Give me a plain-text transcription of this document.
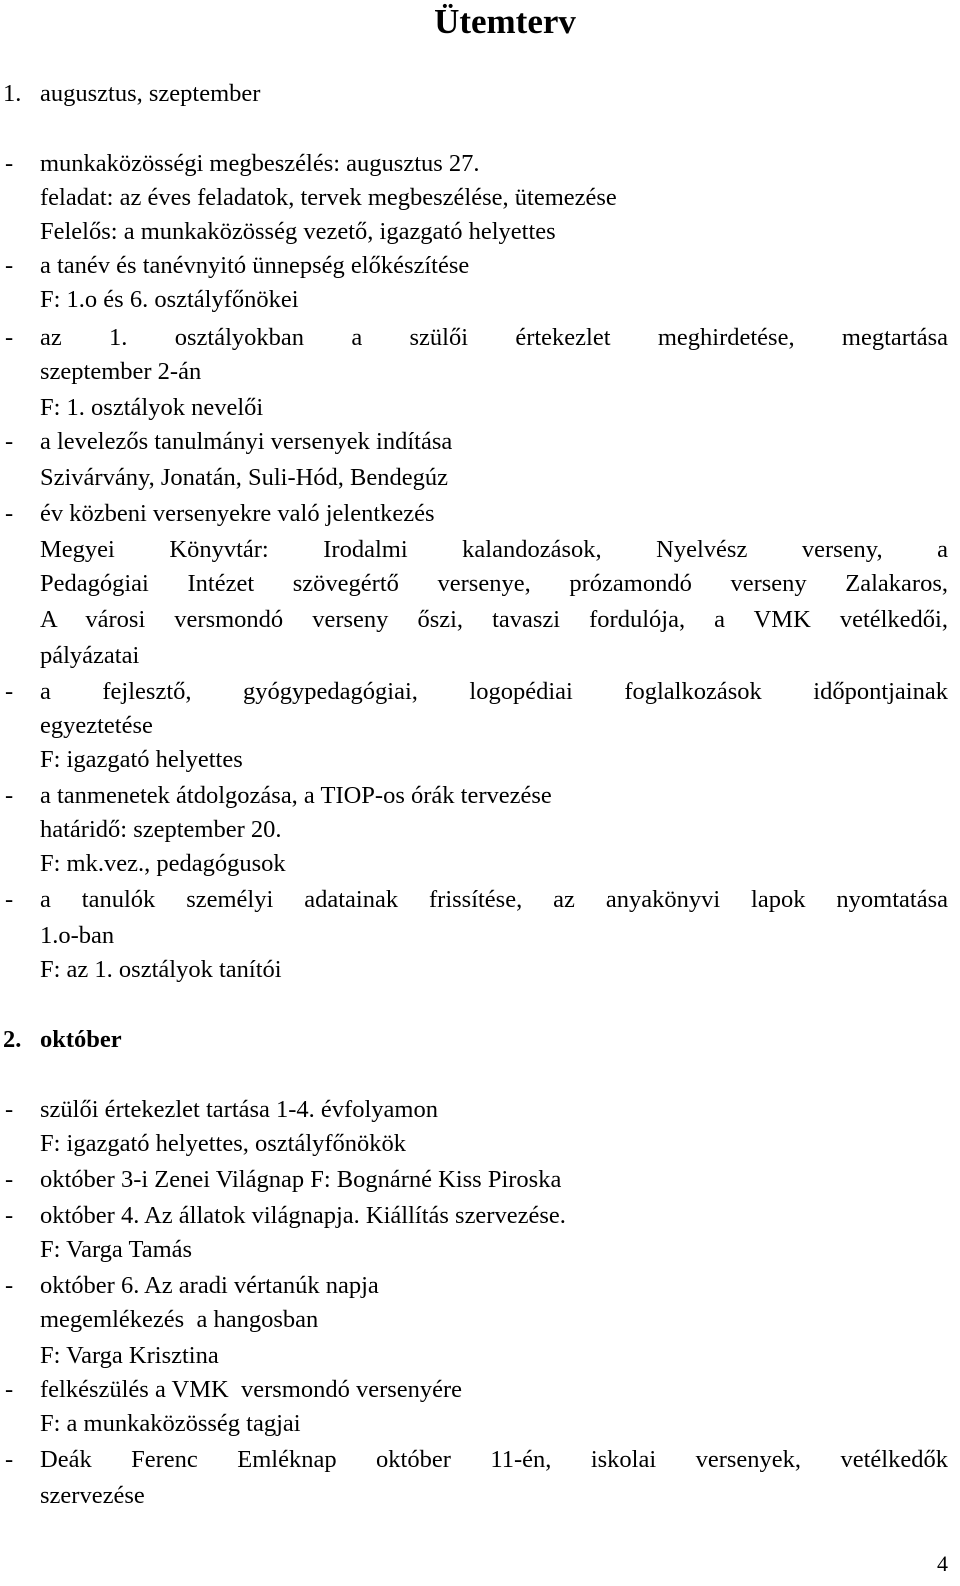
Ütemterv
1. augusztus, szeptember
- munkaközösségi megbeszélés: augusztus 27.
feladat: az éves feladatok, tervek megbeszélése, ütemezése
Felelős: a munkaközösség vezető, igazgató helyettes
- a tanév és tanévnyitó ünnepség előkészítése
F: 1.o és 6. osztályfőnökei
- az 1. osztályokban a szülői értekezlet meghirdetése, megtartása
szeptember 2-án
F: 1. osztályok nevelői
- a levelezős tanulmányi versenyek indítása
Szivárvány, Jonatán, Suli-Hód, Bendegúz
- év közbeni versenyekre való jelentkezés
Megyei Könyvtár: Irodalmi kalandozások, Nyelvész verseny, a
Pedagógiai Intézet szövegértő versenye, prózamondó verseny Zalakaros,
A városi versmondó verseny őszi, tavaszi fordulója, a VMK vetélkedői,
pályázatai
- a fejlesztő, gyógypedagógiai, logopédiai foglalkozások időpontjainak
egyeztetése
F: igazgató helyettes
- a tanmenetek átdolgozása, a TIOP-os órák tervezése
határidő: szeptember 20.
F: mk.vez., pedagógusok
- a tanulók személyi adatainak frissítése, az anyakönyvi lapok nyomtatása
1.o-ban
F: az 1. osztályok tanítói
2. október
- szülői értekezlet tartása 1-4. évfolyamon
F: igazgató helyettes, osztályfőnökök
- október 3-i Zenei Világnap F: Bognárné Kiss Piroska
- október 4. Az állatok világnapja. Kiállítás szervezése.
F: Varga Tamás
- október 6. Az aradi vértanúk napja
megemlékezés  a hangosban
F: Varga Krisztina
- felkészülés a VMK  versmondó versenyére
F: a munkaközösség tagjai
- Deák Ferenc Emléknap október 11-én, iskolai versenyek, vetélkedők
szervezése
4
